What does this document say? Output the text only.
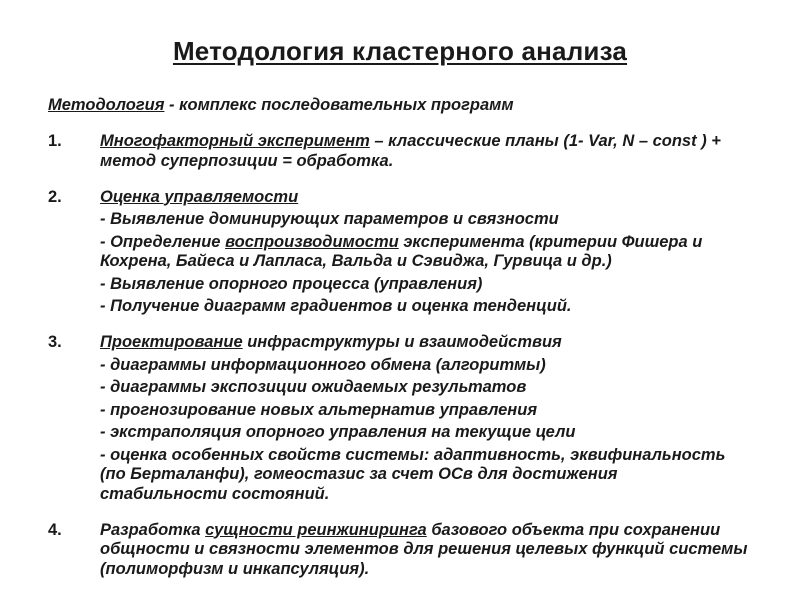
Методология кластерного анализа

Методология - комплекс последовательных программ

1. Многофакторный эксперимент – классические планы (1- Var, N – const ) + метод суперпозиции = обработка.

2. Оценка управляемости

- Выявление доминирующих параметров и связности

- Определение воспроизводимости эксперимента (критерии Фишера и Кохрена, Байеса и Лапласа, Вальда и Сэвиджа, Гурвица и др.)

- Выявление опорного процесса (управления)

- Получение диаграмм градиентов и оценка тенденций.

3. Проектирование инфраструктуры и взаимодействия

- диаграммы информационного обмена (алгоритмы)

- диаграммы экспозиции ожидаемых результатов

- прогнозирование новых альтернатив управления

- экстраполяция опорного управления на текущие цели

- оценка особенных свойств системы: адаптивность, эквифинальность (по Берталанфи), гомеостазис за счет ОСв для достижения стабильности состояний.

4. Разработка сущности реинжиниринга базового объекта при сохранении общности и связности элементов для решения целевых функций системы (полиморфизм и инкапсуляция).
